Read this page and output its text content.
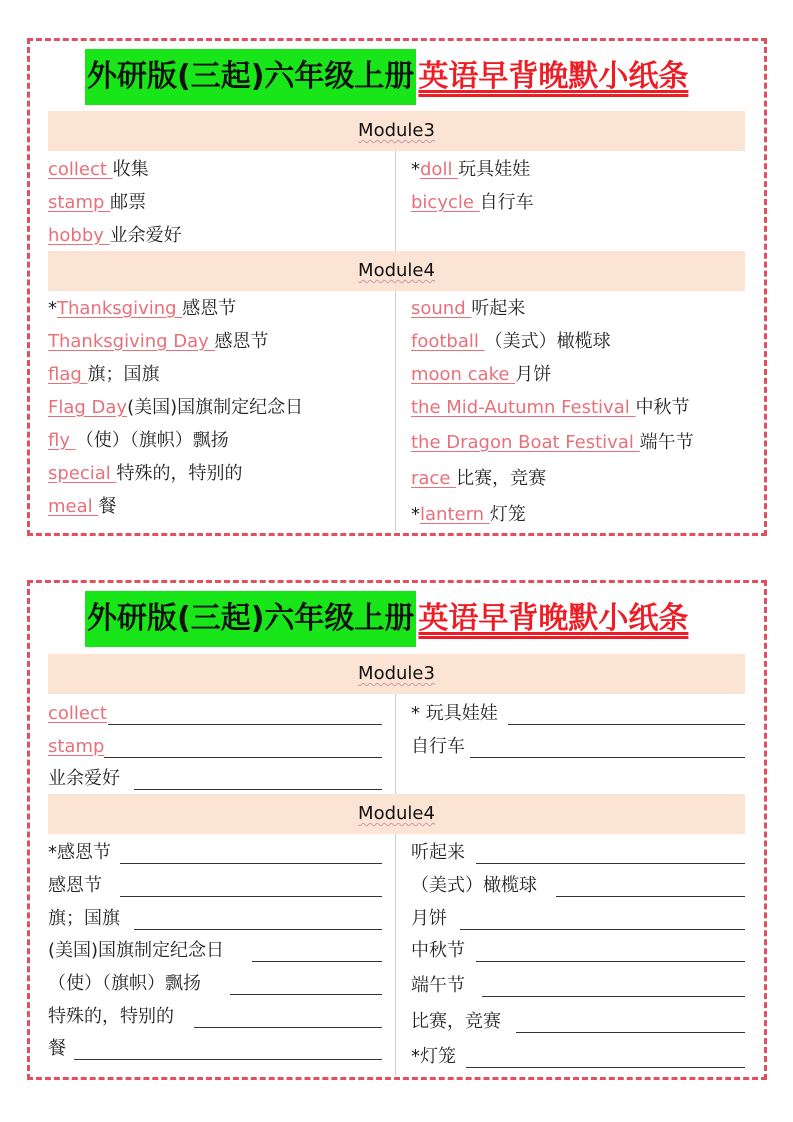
外研版(三起)六年级上册 英语早背晚默小纸条
Module3
collect 收集
stamp 邮票
hobby 业余爱好
*doll 玩具娃娃
bicycle 自行车
Module4
*Thanksgiving 感恩节
Thanksgiving Day 感恩节
flag 旗；国旗
Flag Day(美国)国旗制定纪念日
fly （使）（旗帜）飘扬
special 特殊的，特别的
meal 餐
sound 听起来
football （美式）橄榄球
moon cake 月饼
the Mid-Autumn Festival 中秋节
the Dragon Boat Festival 端午节
race 比赛，竞赛
*lantern 灯笼
外研版(三起)六年级上册 英语早背晚默小纸条
Module3
collect
stamp
业余爱好
* 玩具娃娃
自行车
Module4
*感恩节
感恩节
旗；国旗
(美国)国旗制定纪念日
（使）（旗帜）飘扬
特殊的，特别的
餐
听起来
（美式）橄榄球
月饼
中秋节
端午节
比赛，竞赛
*灯笼
